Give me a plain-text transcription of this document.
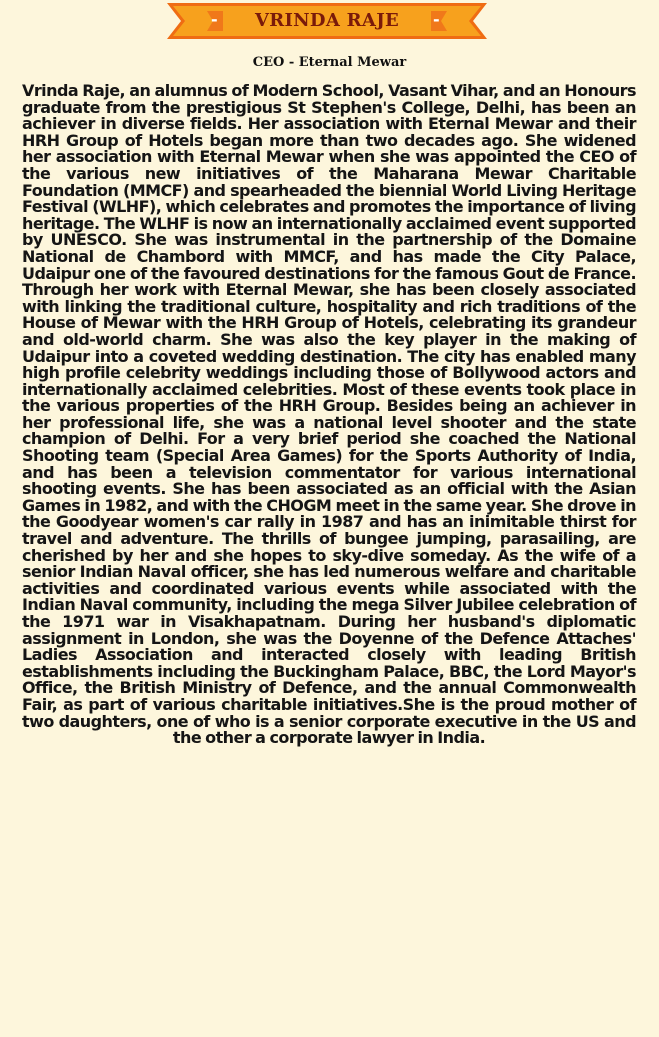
-	VRINDA RAJE	-
CEO - Eternal Mewar

Vrinda Raje, an alumnus of Modern School, Vasant Vihar, and an Honours graduate from the prestigious St Stephen's College, Delhi, has been an achiever in diverse fields. Her association with Eternal Mewar and their HRH Group of Hotels began more than two decades ago. She widened her association with Eternal Mewar when she was appointed the CEO of the various new initiatives of the Maharana Mewar Charitable Foundation (MMCF) and spearheaded the biennial World Living Heritage Festival (WLHF), which celebrates and promotes the importance of living heritage. The WLHF is now an internationally acclaimed event supported by UNESCO. She was instrumental in the partnership of the Domaine National de Chambord with MMCF, and has made the City Palace, Udaipur one of the favoured destinations for the famous Gout de France. Through her work with Eternal Mewar, she has been closely associated with linking the traditional culture, hospitality and rich traditions of the House of Mewar with the HRH Group of Hotels, celebrating its grandeur and old-world charm. She was also the key player in the making of Udaipur into a coveted wedding destination. The city has enabled many high profile celebrity weddings including those of Bollywood actors and internationally acclaimed celebrities. Most of these events took place in the various properties of the HRH Group. Besides being an achiever in her professional life, she was a national level shooter and the state champion of Delhi. For a very brief period she coached the National Shooting team (Special Area Games) for the Sports Authority of India, and has been a television commentator for various international shooting events. She has been associated as an official with the Asian Games in 1982, and with the CHOGM meet in the same year. She drove in the Goodyear women's car rally in 1987 and has an inimitable thirst for travel and adventure. The thrills of bungee jumping, parasailing, are cherished by her and she hopes to sky-dive someday. As the wife of a senior Indian Naval officer, she has led numerous welfare and charitable activities and coordinated various events while associated with the Indian Naval community, including the mega Silver Jubilee celebration of the 1971 war in Visakhapatnam. During her husband's diplomatic assignment in London, she was the Doyenne of the Defence Attaches' Ladies Association and interacted closely with leading British establishments including the Buckingham Palace, BBC, the Lord Mayor's Office, the British Ministry of Defence, and the annual Commonwealth Fair, as part of various charitable initiatives.She is the proud mother of two daughters, one of who is a senior corporate executive in the US and the other a corporate lawyer in India.
